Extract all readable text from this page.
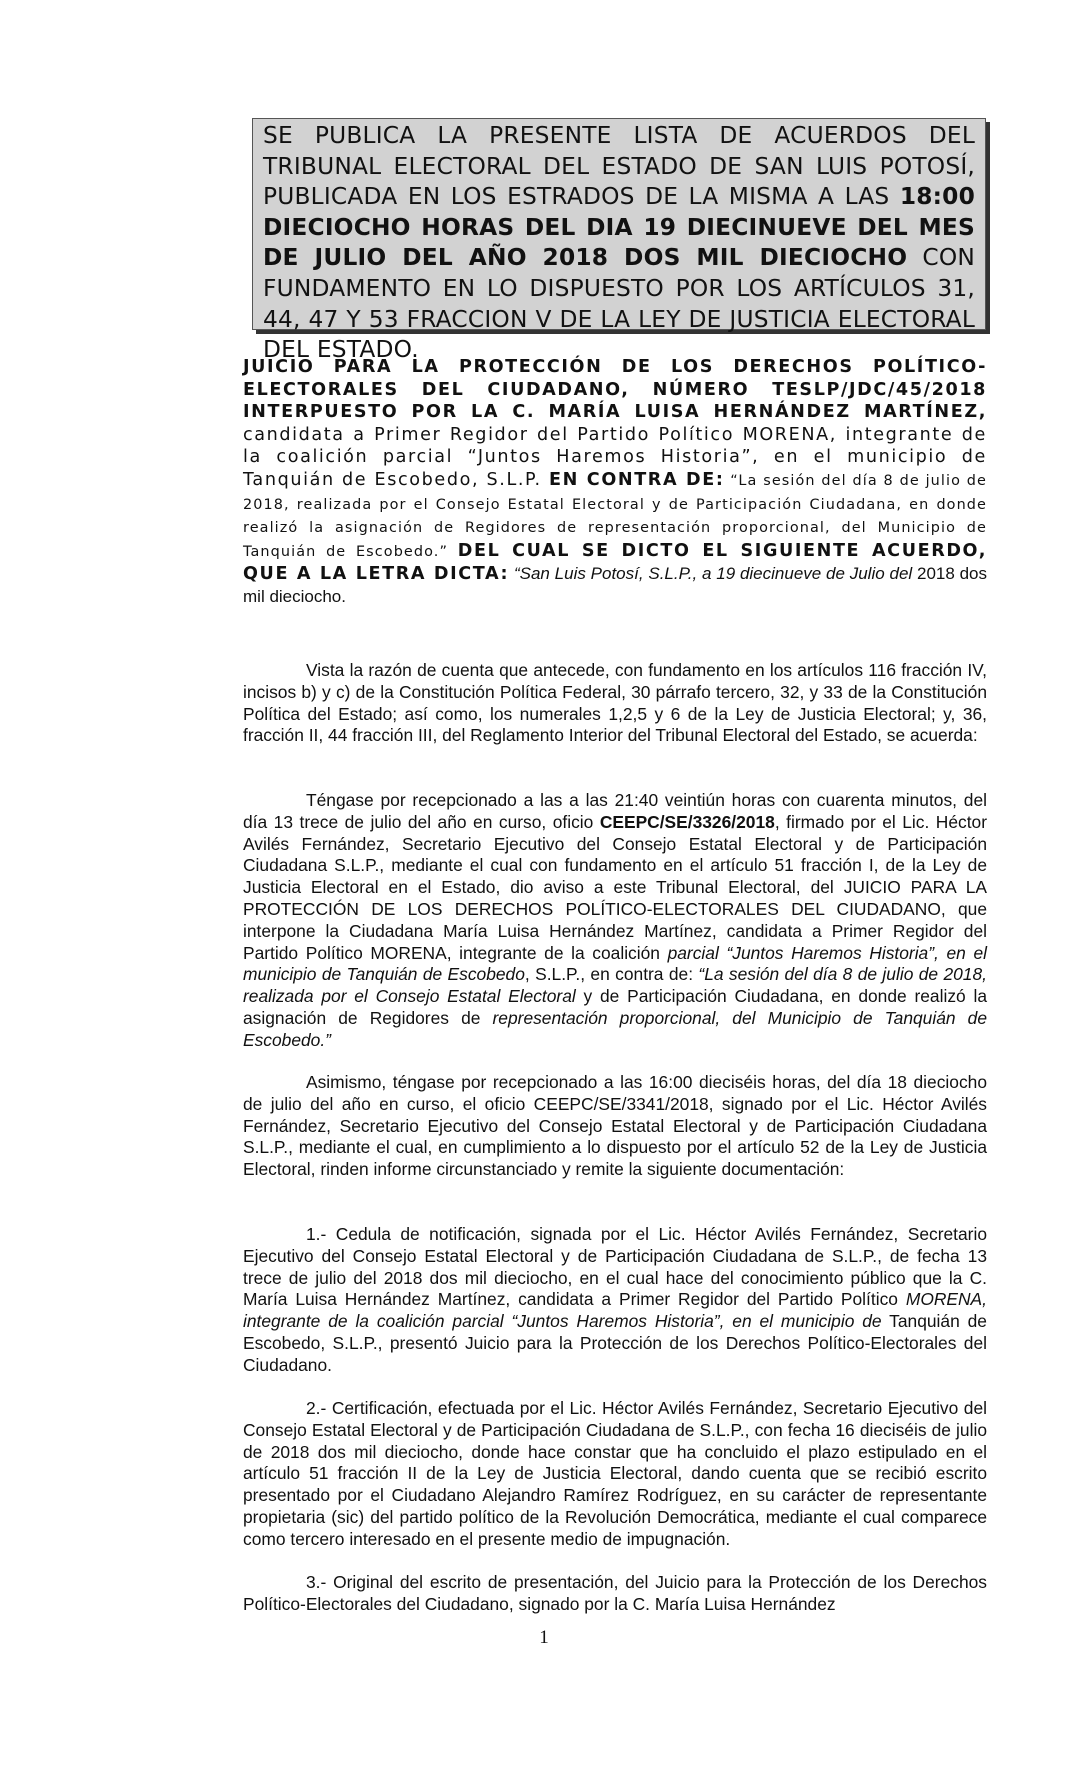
SE PUBLICA LA PRESENTE LISTA DE ACUERDOS DEL TRIBUNAL ELECTORAL DEL ESTADO DE SAN LUIS POTOSÍ, PUBLICADA EN LOS ESTRADOS DE LA MISMA A LAS 18:00 DIECIOCHO HORAS DEL DIA 19 DIECINUEVE DEL MES DE JULIO DEL AÑO 2018 DOS MIL DIECIOCHO CON FUNDAMENTO EN LO DISPUESTO POR LOS ARTÍCULOS 31, 44, 47 Y 53 FRACCION V DE LA LEY DE JUSTICIA ELECTORAL DEL ESTADO.
JUICIO PARA LA PROTECCIÓN DE LOS DERECHOS POLÍTICO-ELECTORALES DEL CIUDADANO, NÚMERO TESLP/JDC/45/2018 INTERPUESTO POR LA C. MARÍA LUISA HERNÁNDEZ MARTÍNEZ, candidata a Primer Regidor del Partido Político MORENA, integrante de la coalición parcial “Juntos Haremos Historia”, en el municipio de Tanquián de Escobedo, S.L.P. EN CONTRA DE: “La sesión del día 8 de julio de 2018, realizada por el Consejo Estatal Electoral y de Participación Ciudadana, en donde realizó la asignación de Regidores de representación proporcional, del Municipio de Tanquián de Escobedo.” DEL CUAL SE DICTO EL SIGUIENTE ACUERDO, QUE A LA LETRA DICTA: “San Luis Potosí, S.L.P., a 19 diecinueve de Julio del 2018 dos mil dieciocho.

Vista la razón de cuenta que antecede, con fundamento en los artículos 116 fracción IV, incisos b) y c) de la Constitución Política Federal, 30 párrafo tercero, 32, y 33 de la Constitución Política del Estado; así como, los numerales 1,2,5 y 6 de la Ley de Justicia Electoral; y, 36, fracción II, 44 fracción III, del Reglamento Interior del Tribunal Electoral del Estado, se acuerda:

Téngase por recepcionado a las a las 21:40 veintiún horas con cuarenta minutos, del día 13 trece de julio del año en curso, oficio CEEPC/SE/3326/2018, firmado por el Lic. Héctor Avilés Fernández, Secretario Ejecutivo del Consejo Estatal Electoral y de Participación Ciudadana S.L.P., mediante el cual con fundamento en el artículo 51 fracción I, de la Ley de Justicia Electoral en el Estado, dio aviso a este Tribunal Electoral, del JUICIO PARA LA PROTECCIÓN DE LOS DERECHOS POLÍTICO-ELECTORALES DEL CIUDADANO, que interpone la Ciudadana María Luisa Hernández Martínez, candidata a Primer Regidor del Partido Político MORENA, integrante de la coalición parcial “Juntos Haremos Historia”, en el municipio de Tanquián de Escobedo, S.L.P., en contra de: “La sesión del día 8 de julio de 2018, realizada por el Consejo Estatal Electoral y de Participación Ciudadana, en donde realizó la asignación de Regidores de representación proporcional, del Municipio de Tanquián de Escobedo.”

Asimismo, téngase por recepcionado a las 16:00 dieciséis horas, del día 18 dieciocho de julio del año en curso, el oficio CEEPC/SE/3341/2018, signado por el Lic. Héctor Avilés Fernández, Secretario Ejecutivo del Consejo Estatal Electoral y de Participación Ciudadana S.L.P., mediante el cual, en cumplimiento a lo dispuesto por el artículo 52 de la Ley de Justicia Electoral, rinden informe circunstanciado y remite la siguiente documentación:

1.- Cedula de notificación, signada por el Lic. Héctor Avilés Fernández, Secretario Ejecutivo del Consejo Estatal Electoral y de Participación Ciudadana de S.L.P., de fecha 13 trece de julio del 2018 dos mil dieciocho, en el cual hace del conocimiento público que la C. María Luisa Hernández Martínez, candidata a Primer Regidor del Partido Político MORENA, integrante de la coalición parcial “Juntos Haremos Historia”, en el municipio de Tanquián de Escobedo, S.L.P., presentó Juicio para la Protección de los Derechos Político-Electorales del Ciudadano.

2.- Certificación, efectuada por el Lic. Héctor Avilés Fernández, Secretario Ejecutivo del Consejo Estatal Electoral y de Participación Ciudadana de S.L.P., con fecha 16 dieciséis de julio de 2018 dos mil dieciocho, donde hace constar que ha concluido el plazo estipulado en el artículo 51 fracción II de la Ley de Justicia Electoral, dando cuenta que se recibió escrito presentado por el Ciudadano Alejandro Ramírez Rodríguez, en su carácter de representante propietaria (sic) del partido político de la Revolución Democrática, mediante el cual comparece como tercero interesado en el presente medio de impugnación.

3.- Original del escrito de presentación, del Juicio para la Protección de los Derechos Político-Electorales del Ciudadano, signado por la C. María Luisa Hernández

1
